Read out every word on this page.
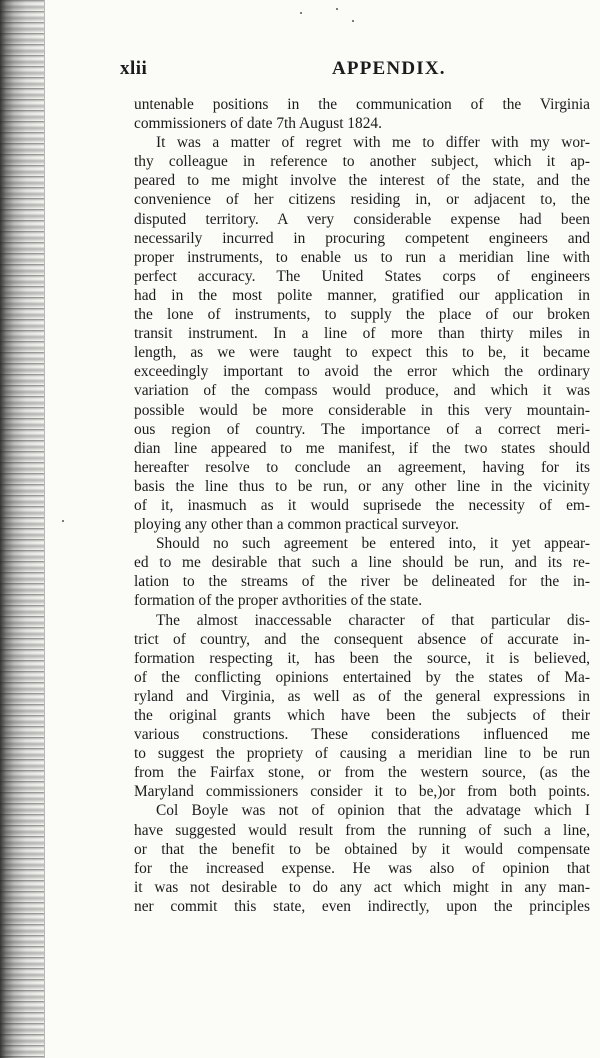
xlii	APPENDIX.
untenable positions in the communication of the Virginia
commissioners of date 7th August 1824.
It was a matter of regret with me to differ with my wor-
thy colleague in reference to another subject, which it ap-
peared to me might involve the interest of the state, and the
convenience of her citizens residing in, or adjacent to, the
disputed territory. A very considerable expense had been
necessarily incurred in procuring competent engineers and
proper instruments, to enable us to run a meridian line with
perfect accuracy. The United States corps of engineers
had in the most polite manner, gratified our application in
the lone of instruments, to supply the place of our broken
transit instrument. In a line of more than thirty miles in
length, as we were taught to expect this to be, it became
exceedingly important to avoid the error which the ordinary
variation of the compass would produce, and which it was
possible would be more considerable in this very mountain-
ous region of country. The importance of a correct meri-
dian line appeared to me manifest, if the two states should
hereafter resolve to conclude an agreement, having for its
basis the line thus to be run, or any other line in the vicinity
of it, inasmuch as it would suprisede the necessity of em-
ploying any other than a common practical surveyor.
Should no such agreement be entered into, it yet appear-
ed to me desirable that such a line should be run, and its re-
lation to the streams of the river be delineated for the in-
formation of the proper avthorities of the state.
The almost inaccessable character of that particular dis-
trict of country, and the consequent absence of accurate in-
formation respecting it, has been the source, it is believed,
of the conflicting opinions entertained by the states of Ma-
ryland and Virginia, as well as of the general expressions in
the original grants which have been the subjects of their
various constructions. These considerations influenced me
to suggest the propriety of causing a meridian line to be run
from the Fairfax stone, or from the western source, (as the
Maryland commissioners consider it to be,)or from both points.
Col Boyle was not of opinion that the advatage which I
have suggested would result from the running of such a line,
or that the benefit to be obtained by it would compensate
for the increased expense. He was also of opinion that
it was not desirable to do any act which might in any man-
ner commit this state, even indirectly, upon the principles
